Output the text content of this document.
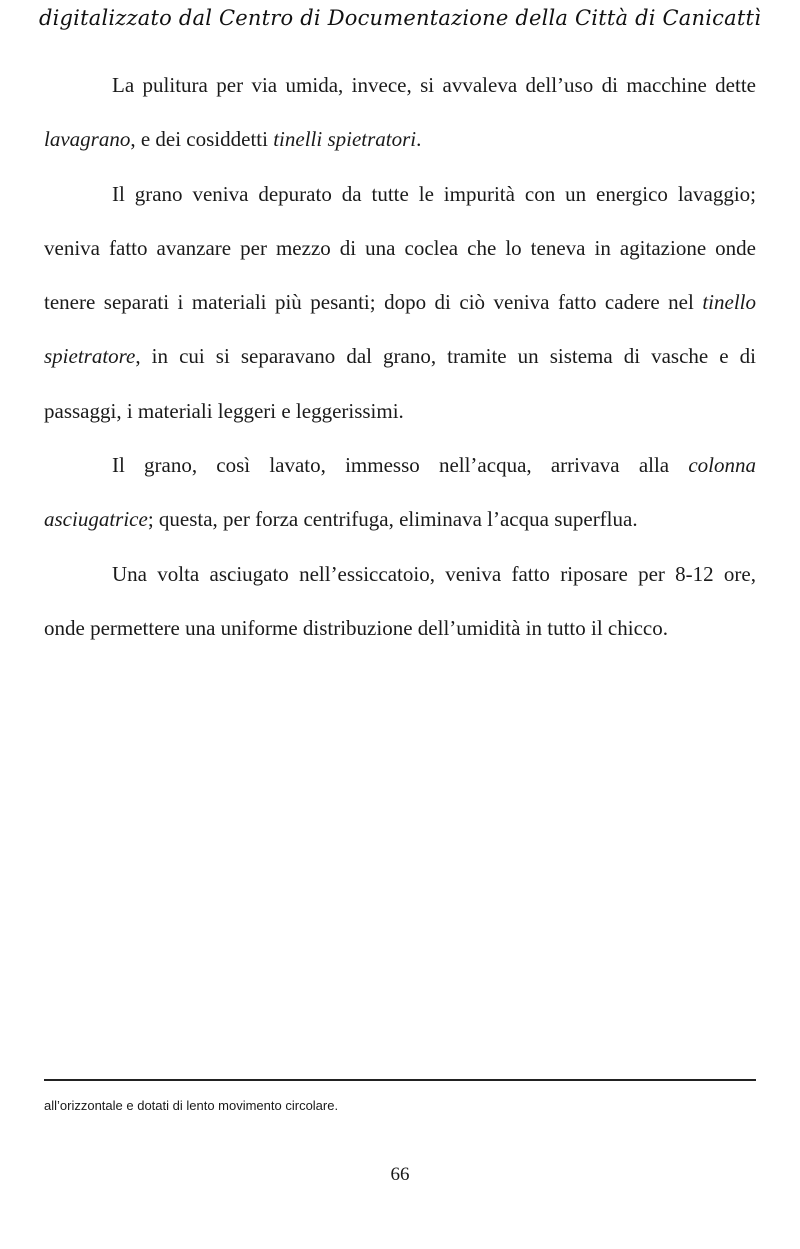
digitalizzato dal Centro di Documentazione della Città di Canicattì

La pulitura per via umida, invece, si avvaleva dell’uso di macchine dette lavagrano, e dei cosiddetti tinelli spietratori.

Il grano veniva depurato da tutte le impurità con un energico lavaggio; veniva fatto avanzare per mezzo di una coclea che lo teneva in agitazione onde tenere separati i materiali più pesanti; dopo di ciò veniva fatto cadere nel tinello spietratore, in cui si separavano dal grano, tramite un sistema di vasche e di passaggi, i materiali leggeri e leggerissimi.

Il grano, così lavato, immesso nell’acqua, arrivava alla colonna asciugatrice; questa, per forza centrifuga, eliminava l’acqua superflua.

Una volta asciugato nell’essiccatoio, veniva fatto riposare per 8-12 ore, onde permettere una uniforme distribuzione dell’umidità in tutto il chicco.

all’orizzontale e dotati di lento movimento circolare.
66
